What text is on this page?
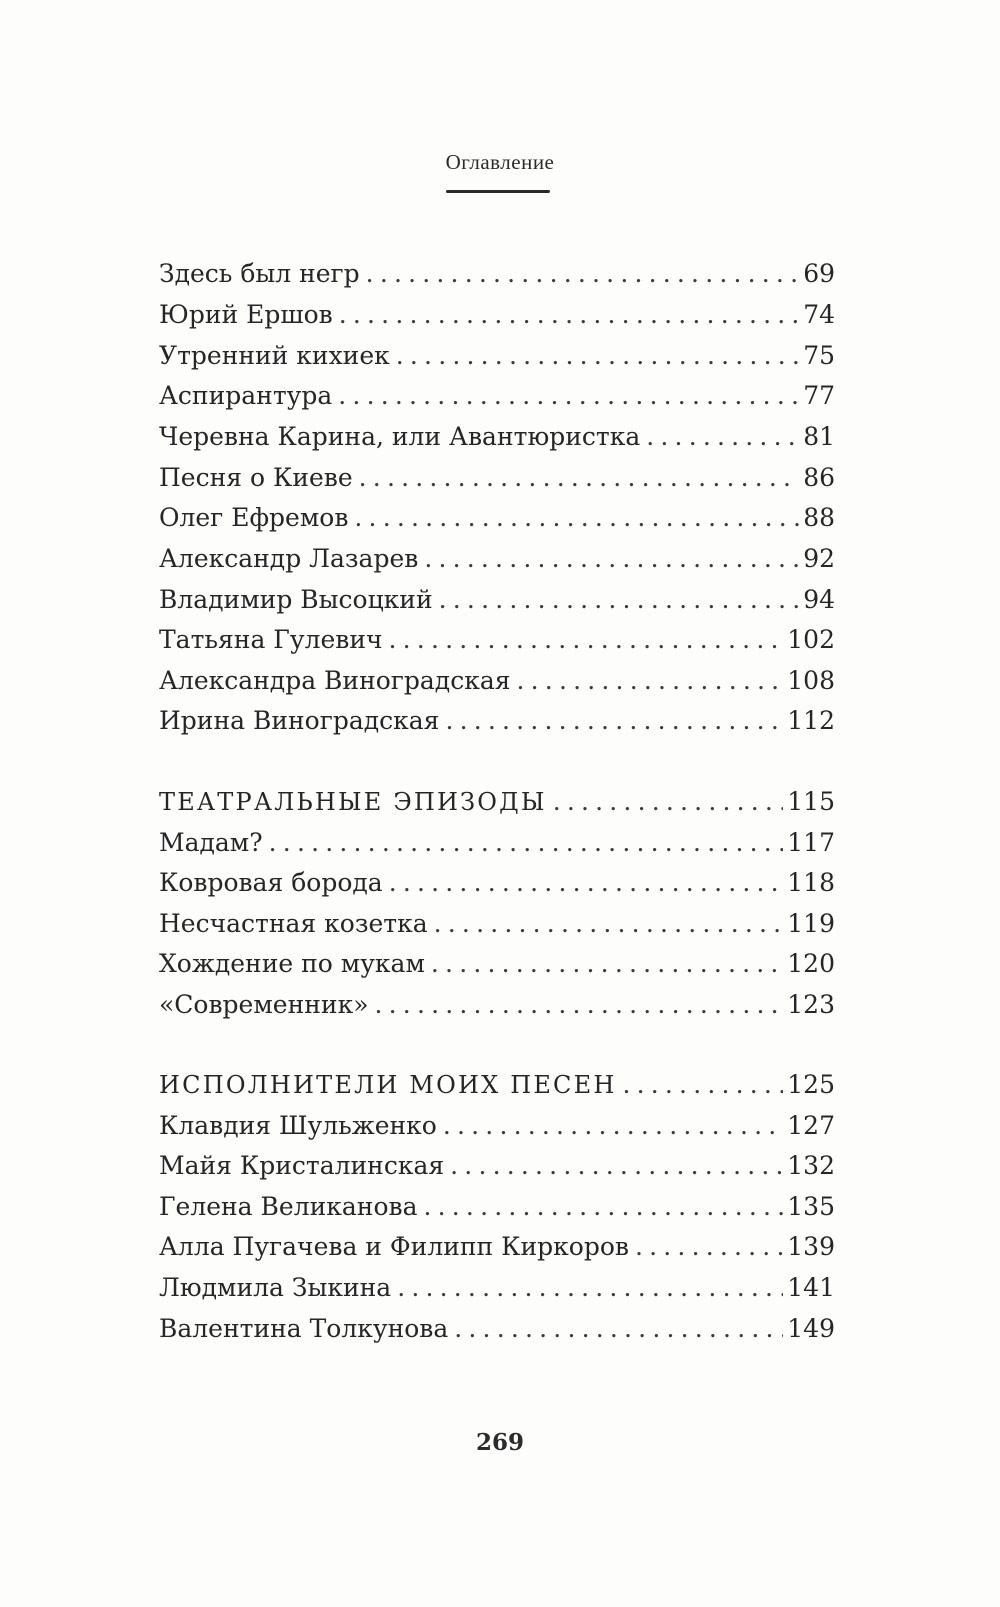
Оглавление
Здесь был негр .....	69
Юрий Ершов .....	74
Утренний кихиек .....	75
Аспирантура .....	77
Черевна Карина, или Авантюристка .....	81
Песня о Киеве .....	86
Олег Ефремов .....	88
Александр Лазарев .....	92
Владимир Высоцкий .....	94
Татьяна Гулевич .....	102
Александра Виноградская .....	108
Ирина Виноградская .....	112
ТЕАТРАЛЬНЫЕ ЭПИЗОДЫ .....	115
Мадам? .....	117
Ковровая борода .....	118
Несчастная козетка .....	119
Хождение по мукам .....	120
«Современник» .....	123
ИСПОЛНИТЕЛИ МОИХ ПЕСЕН .....	125
Клавдия Шульженко .....	127
Майя Кристалинская .....	132
Гелена Великанова .....	135
Алла Пугачева и Филипп Киркоров .....	139
Людмила Зыкина .....	141
Валентина Толкунова .....	149
269
